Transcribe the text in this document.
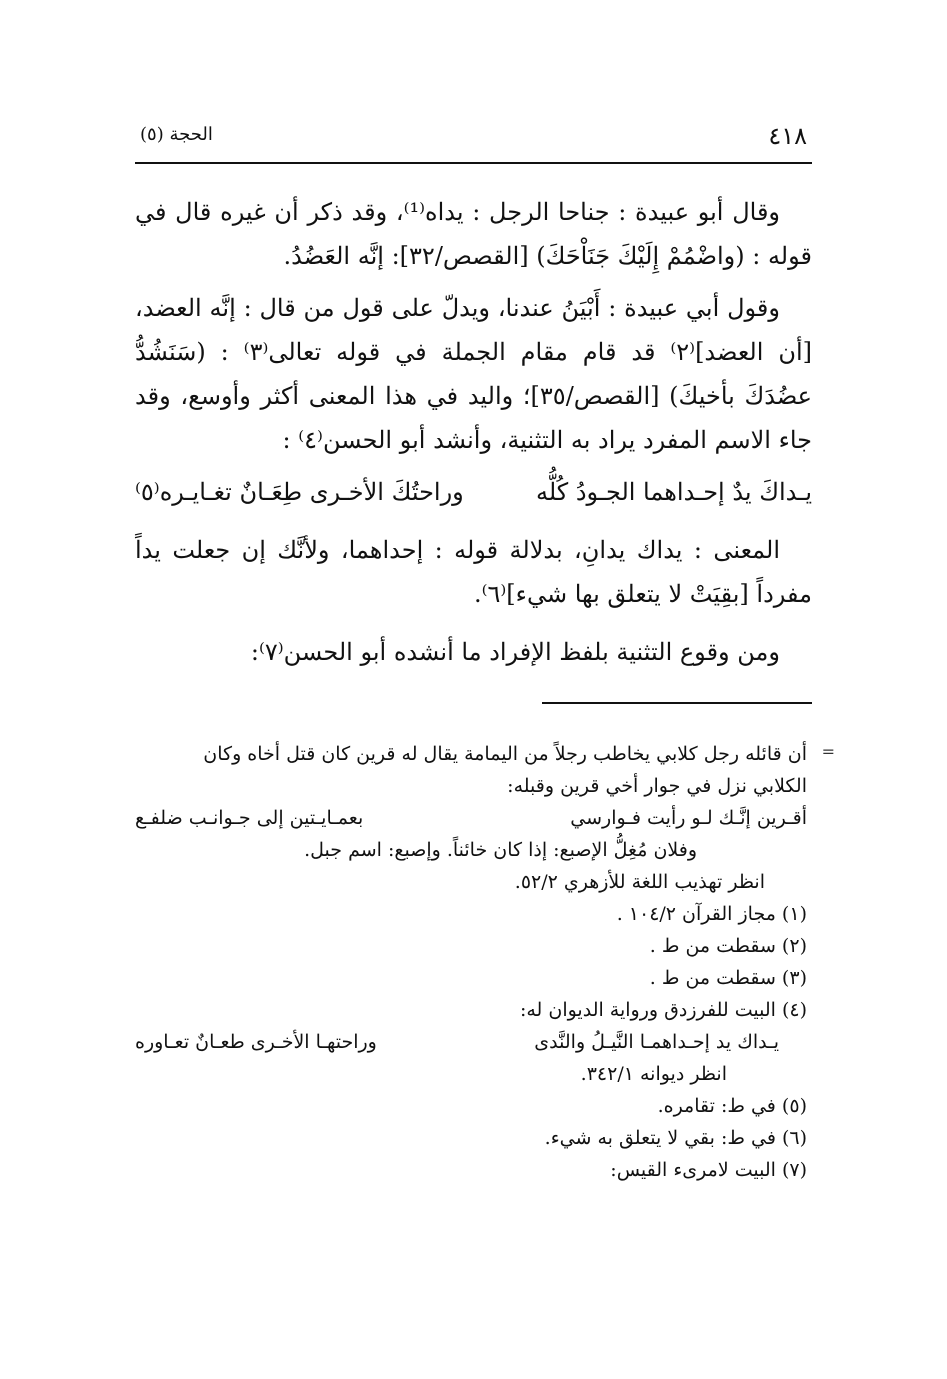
٤١٨
الحجة (٥)

وقال أبو عبيدة : جناحا الرجل : يداه⁽¹⁾، وقد ذكر أن غيره قال في قوله : (واضْمُمْ إِلَيْكَ جَنَاْحَكَ) [القصص/٣٢]: إنَّه العَضُدُ.

وقول أبي عبيدة : أَبْيَنُ عندنا، ويدلّ على قول من قال : إنَّه العضد، [أن العضد]⁽٢⁾ قد قام مقام الجملة في قوله تعالى⁽٣⁾ : (سَنَشُدُّ عضُدَكَ بأخيكَ) [القصص/٣٥]؛ واليد في هذا المعنى أكثر وأوسع، وقد جاء الاسم المفرد يراد به التثنية، وأنشد أبو الحسن⁽٤⁾ :

يـداكَ يدٌ إحـداهما الجـودُ كُلُّه
وراحتُكَ الأخـرى طِعَـانٌ تغـايـره⁽٥⁾

المعنى : يداك يدانِ، بدلالة قوله : إحداهما، ولأنَّك إن جعلت يداً مفرداً [بقِيَتْ لا يتعلق بها شيء]⁽٦⁾.

ومن وقوع التثنية بلفظ الإفراد ما أنشده أبو الحسن⁽٧⁾:

=
أن قائله رجل كلابي يخاطب رجلاً من اليمامة يقال له قرين كان قتل أخاه وكان
الكلابي نزل في جوار أخي قرين وقبله:
أقـرين إنَّـك لـو رأيت فـوارسي
بعمـايـتين إلى جـوانـب ضلفـع
وفلان مُغِلُّ الإصبع: إذا كان خائناً. وإصبع: اسم جبل.
انظر تهذيب اللغة للأزهري ٥٢/٢.
(١) مجاز القرآن ١٠٤/٢ .
(٢) سقطت من ط .
(٣) سقطت من ط .
(٤) البيت للفرزدق ورواية الديوان له:
يـداك يد إحـداهمـا النَّيـلُ والنَّدى
وراحتهـا الأخـرى طعـانٌ تعـاوره
انظر ديوانه ٣٤٢/١.
(٥) في ط: تقامره.
(٦) في ط: بقي لا يتعلق به شيء.
(٧) البيت لامرىء القيس:
